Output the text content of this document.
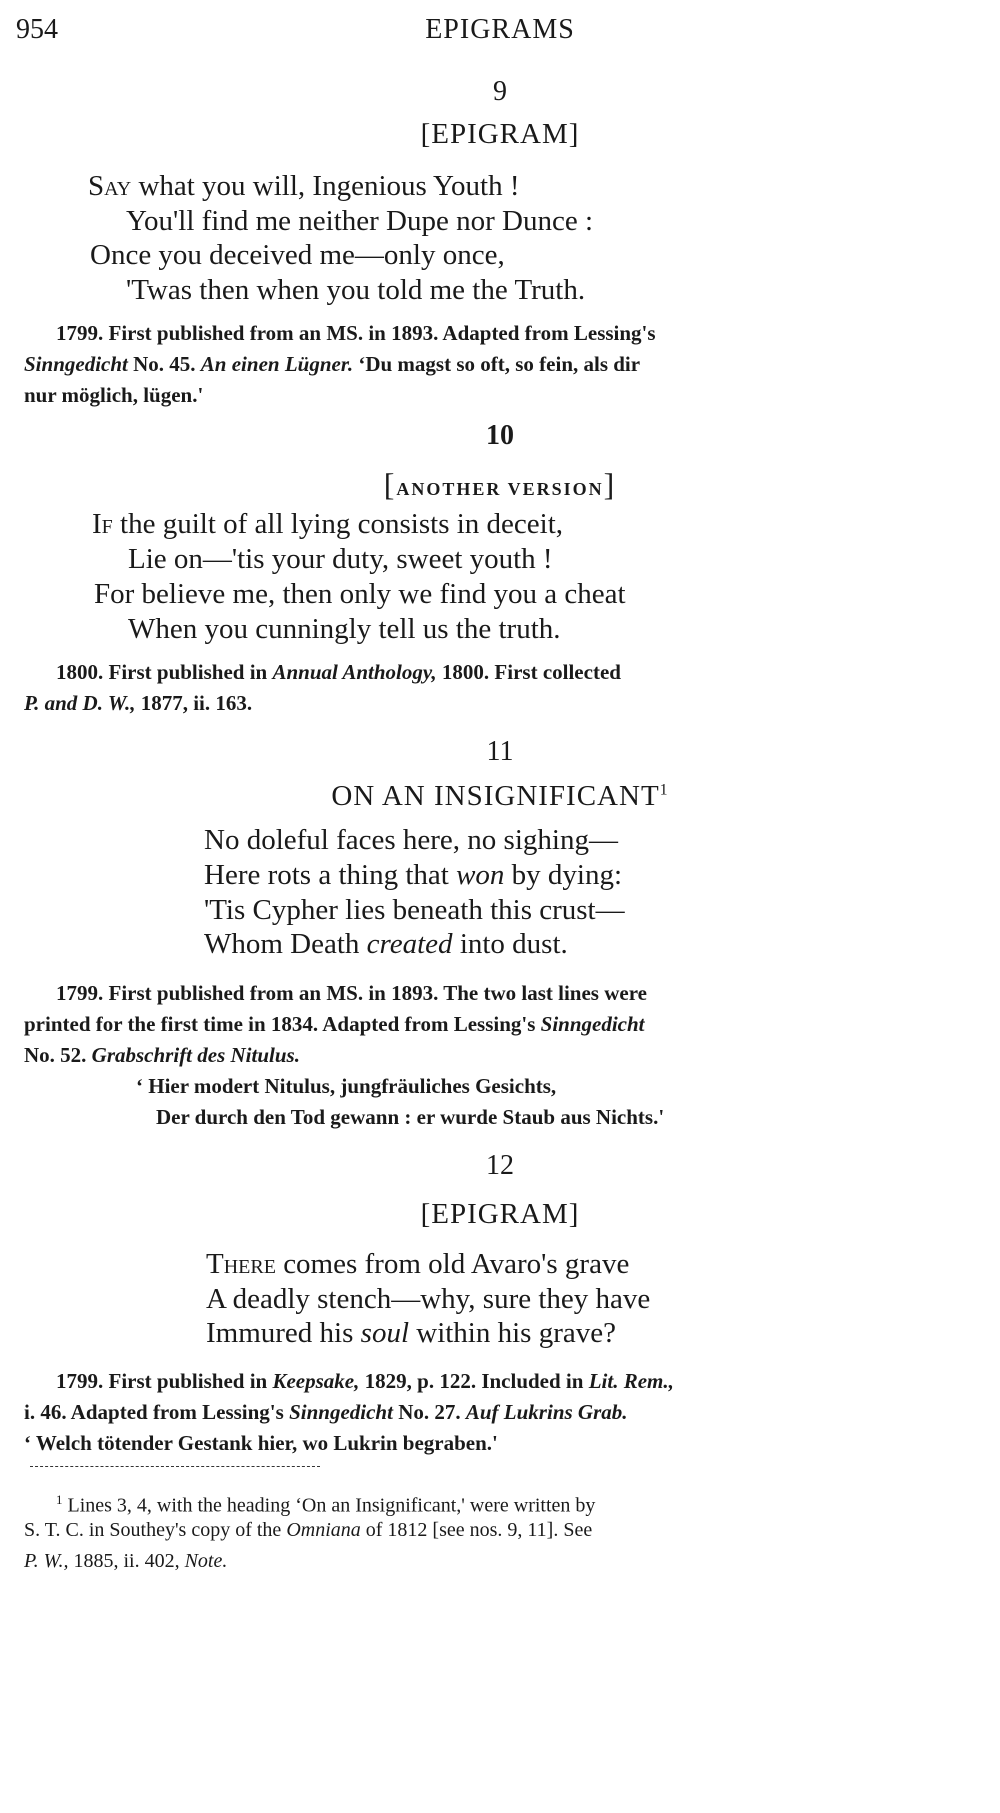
954	EPIGRAMS
9
[EPIGRAM]
Say what you will, Ingenious Youth !
You'll find me neither Dupe nor Dunce :
Once you deceived me—only once,
'Twas then when you told me the Truth.
1799. First published from an MS. in 1893. Adapted from Lessing's
Sinngedicht No. 45. An einen Lügner. ‘Du magst so oft, so fein, als dir
nur möglich, lügen.'
10
[ANOTHER VERSION]
If the guilt of all lying consists in deceit,
Lie on—'tis your duty, sweet youth !
For believe me, then only we find you a cheat
When you cunningly tell us the truth.
1800. First published in Annual Anthology, 1800. First collected
P. and D. W., 1877, ii. 163.
11
ON AN INSIGNIFICANT$^1$
No doleful faces here, no sighing—
Here rots a thing that won by dying:
'Tis Cypher lies beneath this crust—
Whom Death created into dust.
1799. First published from an MS. in 1893. The two last lines were
printed for the first time in 1834. Adapted from Lessing's Sinngedicht
No. 52. Grabschrift des Nitulus.
‘ Hier modert Nitulus, jungfräuliches Gesichts,
Der durch den Tod gewann : er wurde Staub aus Nichts.'
12
[EPIGRAM]
There comes from old Avaro's grave
A deadly stench—why, sure they have
Immured his soul within his grave?
1799. First published in Keepsake, 1829, p. 122. Included in Lit. Rem.,
i. 46. Adapted from Lessing's Sinngedicht No. 27. Auf Lukrins Grab.
‘ Welch tötender Gestank hier, wo Lukrin begraben.'
$^1$ Lines 3, 4, with the heading ‘On an Insignificant,' were written by
S. T. C. in Southey's copy of the Omniana of 1812 [see nos. 9, 11]. See
P. W., 1885, ii. 402, Note.
